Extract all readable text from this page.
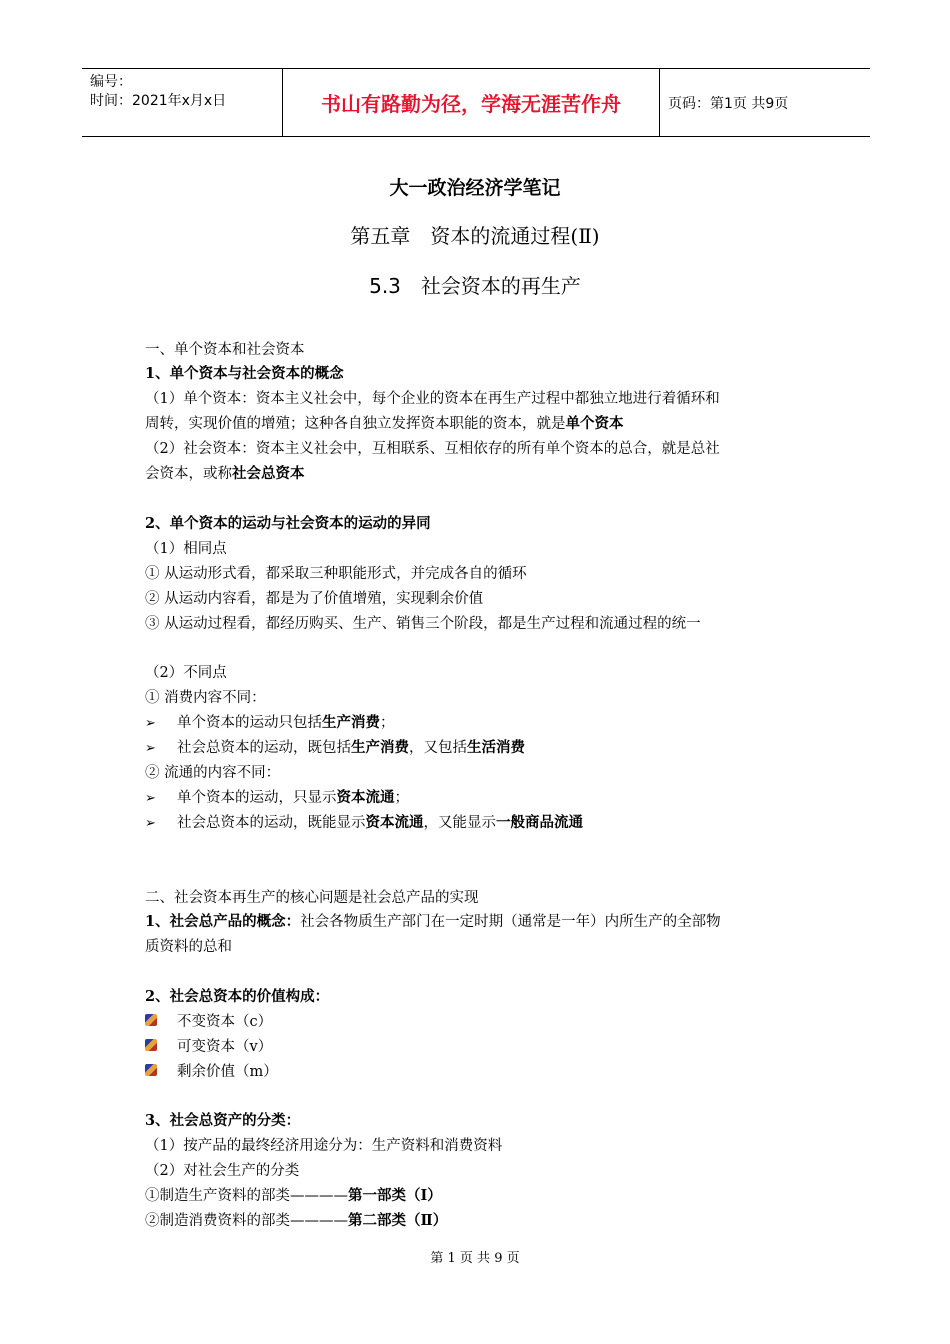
编号：
时间：2021年x月x日	书山有路勤为径，学海无涯苦作舟	页码：第1页 共9页
大一政治经济学笔记
第五章　资本的流通过程(Ⅱ)
5.3　社会资本的再生产
一、单个资本和社会资本
1、单个资本与社会资本的概念
（1）单个资本：资本主义社会中，每个企业的资本在再生产过程中都独立地进行着循环和
周转，实现价值的增殖；这种各自独立发挥资本职能的资本，就是单个资本
（2）社会资本：资本主义社会中，互相联系、互相依存的所有单个资本的总合，就是总社
会资本，或称社会总资本
2、单个资本的运动与社会资本的运动的异同
（1）相同点
① 从运动形式看，都采取三种职能形式，并完成各自的循环
② 从运动内容看，都是为了价值增殖，实现剩余价值
③ 从运动过程看，都经历购买、生产、销售三个阶段，都是生产过程和流通过程的统一
（2）不同点
① 消费内容不同：
➢ 单个资本的运动只包括生产消费；
➢ 社会总资本的运动，既包括生产消费，又包括生活消费
② 流通的内容不同：
➢ 单个资本的运动，只显示资本流通；
➢ 社会总资本的运动，既能显示资本流通，又能显示一般商品流通
二、社会资本再生产的核心问题是社会总产品的实现
1、社会总产品的概念：社会各物质生产部门在一定时期（通常是一年）内所生产的全部物
质资料的总和
2、社会总资本的价值构成：
不变资本（c）
可变资本（v）
剩余价值（m）
3、社会总资产的分类：
（1）按产品的最终经济用途分为：生产资料和消费资料
（2）对社会生产的分类
①制造生产资料的部类————第一部类（Ⅰ）
②制造消费资料的部类————第二部类（Ⅱ）
第 1 页 共 9 页
